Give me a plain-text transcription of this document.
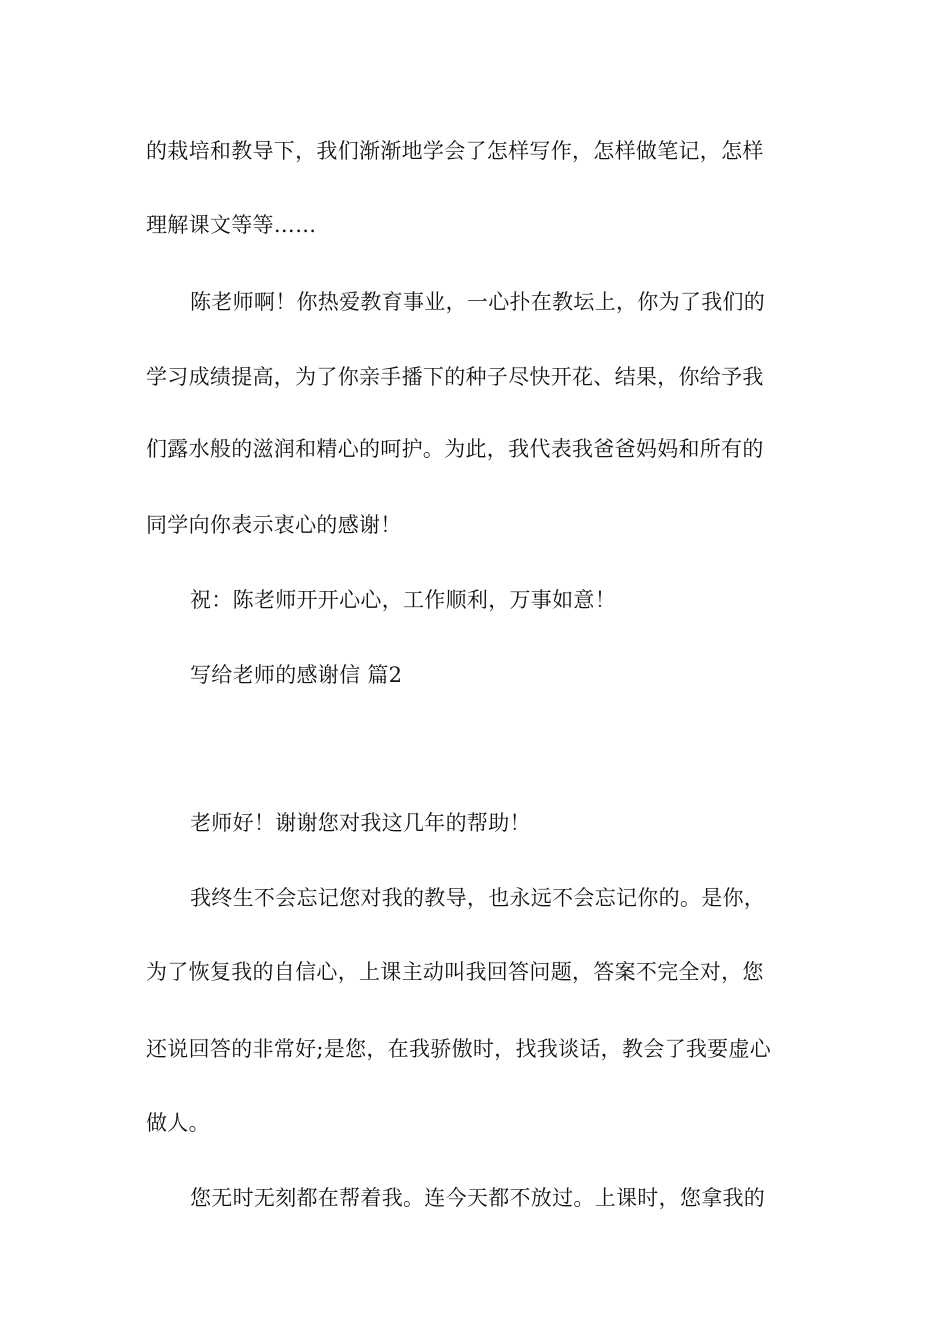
的栽培和教导下，我们渐渐地学会了怎样写作，怎样做笔记，怎样
理解课文等等……
陈老师啊！你热爱教育事业，一心扑在教坛上，你为了我们的
学习成绩提高，为了你亲手播下的种子尽快开花、结果，你给予我
们露水般的滋润和精心的呵护。为此，我代表我爸爸妈妈和所有的
同学向你表示衷心的感谢！
祝：陈老师开开心心，工作顺利，万事如意！
写给老师的感谢信 篇2
老师好！谢谢您对我这几年的帮助！
我终生不会忘记您对我的教导，也永远不会忘记你的。是你，
为了恢复我的自信心，上课主动叫我回答问题，答案不完全对，您
还说回答的非常好;是您，在我骄傲时，找我谈话，教会了我要虚心
做人。
您无时无刻都在帮着我。连今天都不放过。上课时，您拿我的
